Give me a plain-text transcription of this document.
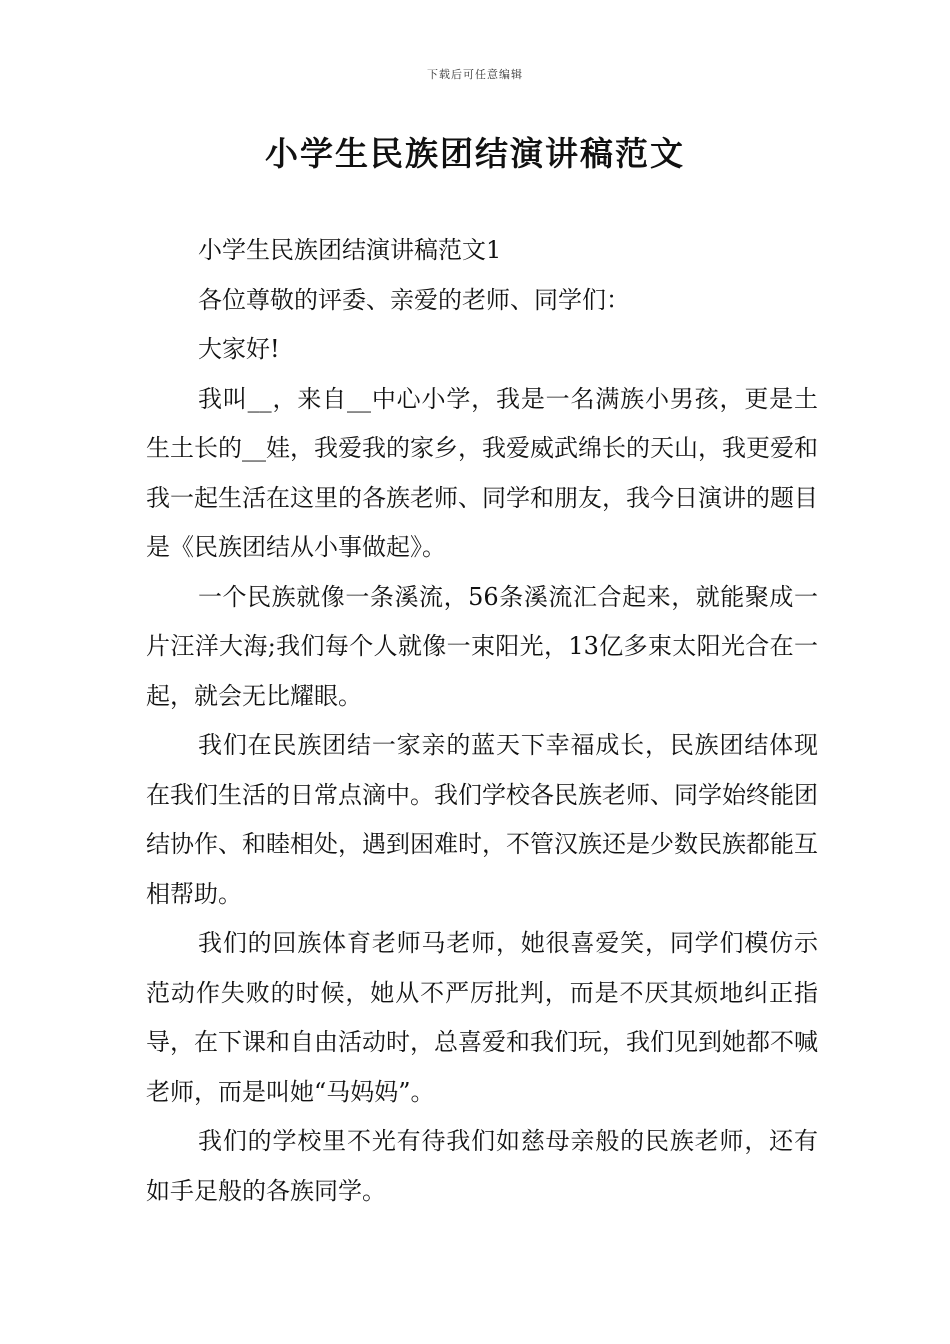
下载后可任意编辑
小学生民族团结演讲稿范文

小学生民族团结演讲稿范文1

各位尊敬的评委、亲爱的老师、同学们：

大家好!

我叫__，来自__中心小学，我是一名满族小男孩，更是土生土长的__娃，我爱我的家乡，我爱威武绵长的天山，我更爱和我一起生活在这里的各族老师、同学和朋友，我今日演讲的题目是《民族团结从小事做起》。

一个民族就像一条溪流，56条溪流汇合起来，就能聚成一片汪洋大海;我们每个人就像一束阳光，13亿多束太阳光合在一起，就会无比耀眼。

我们在民族团结一家亲的蓝天下幸福成长，民族团结体现在我们生活的日常点滴中。我们学校各民族老师、同学始终能团结协作、和睦相处，遇到困难时，不管汉族还是少数民族都能互相帮助。

我们的回族体育老师马老师，她很喜爱笑，同学们模仿示范动作失败的时候，她从不严厉批判，而是不厌其烦地纠正指导，在下课和自由活动时，总喜爱和我们玩，我们见到她都不喊老师，而是叫她“马妈妈”。

我们的学校里不光有待我们如慈母亲般的民族老师，还有如手足般的各族同学。
